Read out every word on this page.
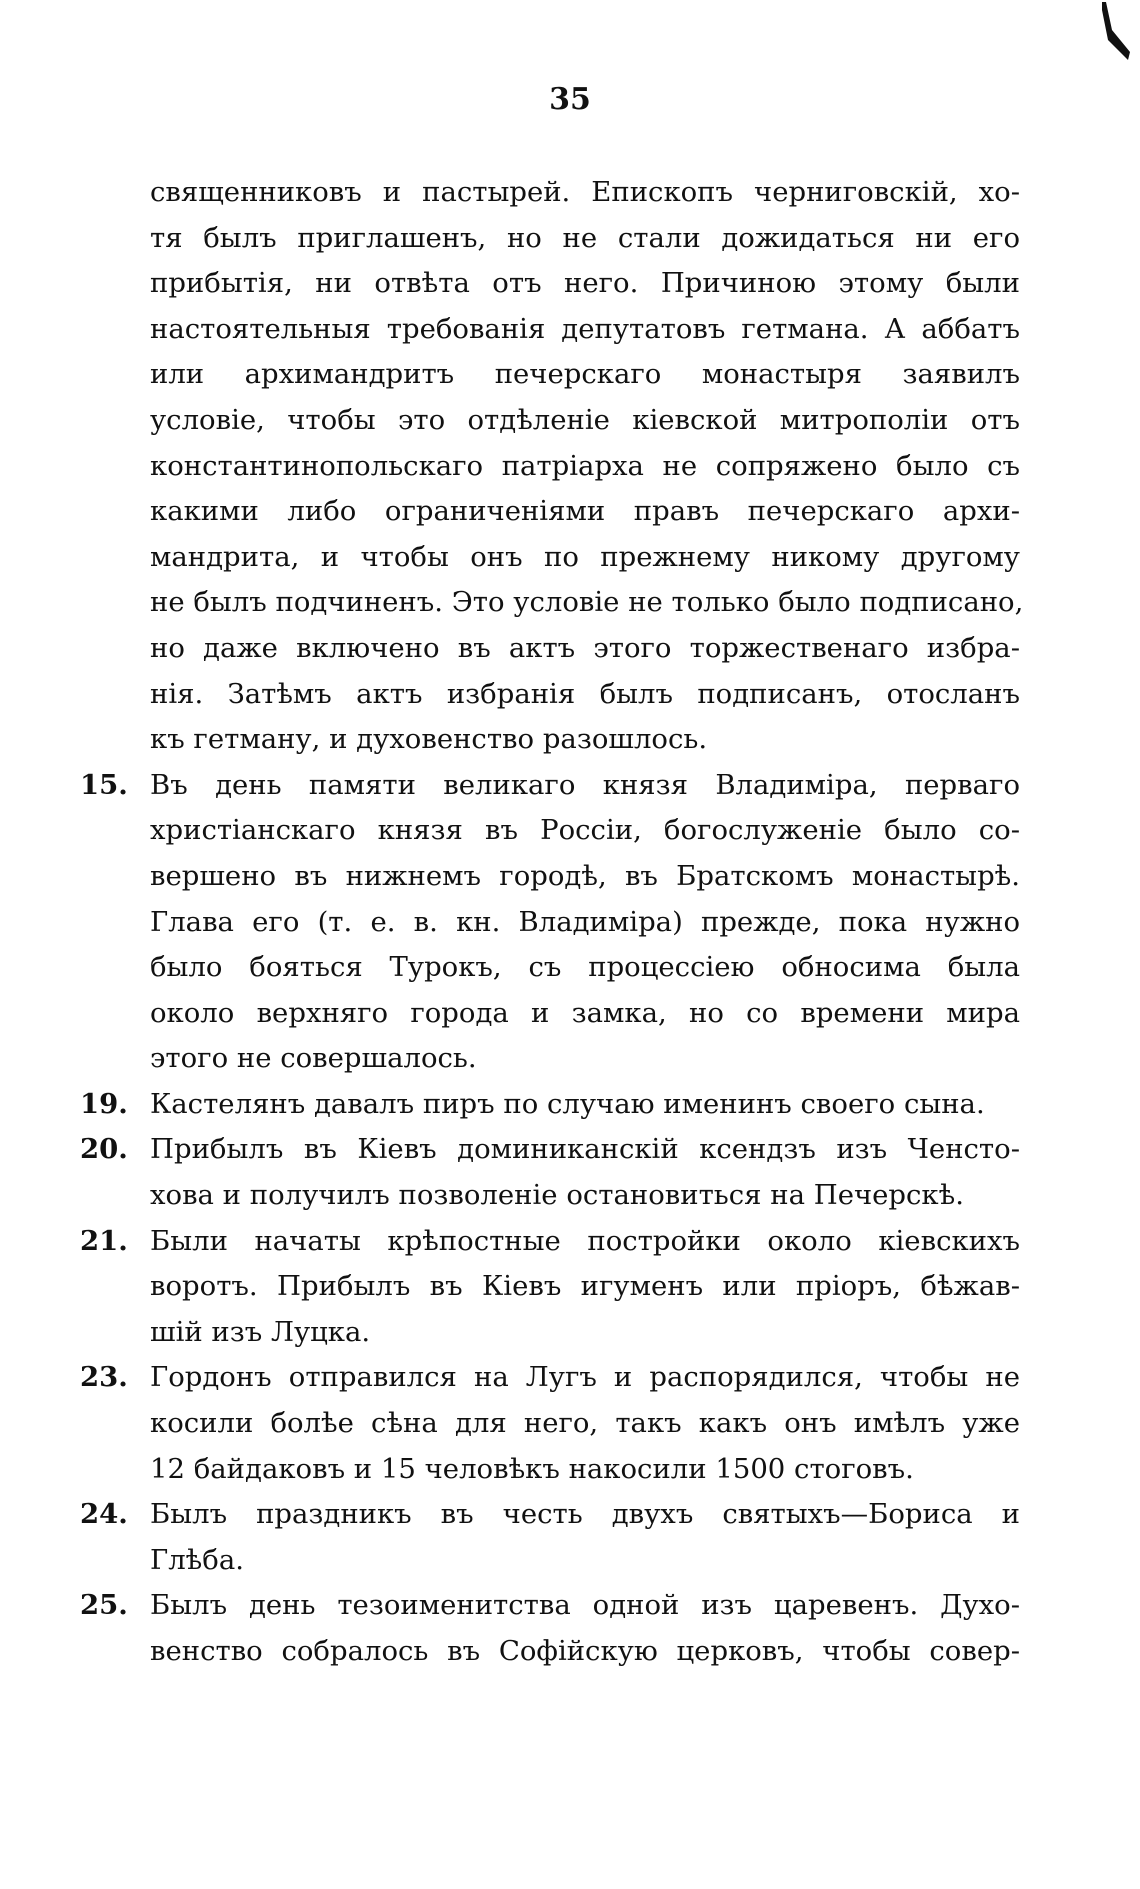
35
священниковъ и пастырей. Епископъ черниговскій, хо-
тя былъ приглашенъ, но не стали дожидаться ни его
прибытія, ни отвѣта отъ него. Причиною этому были
настоятельныя требованія депутатовъ гетмана. А аббатъ
или архимандритъ печерскаго монастыря заявилъ
условіе, чтобы это отдѣленіе кіевской митрополіи отъ
константинопольскаго патріарха не сопряжено было съ
какими либо ограниченіями правъ печерскаго архи-
мандрита, и чтобы онъ по прежнему никому другому
не былъ подчиненъ. Это условіе не только было подписано,
но даже включено въ актъ этого торжественаго избра-
нія. Затѣмъ актъ избранія былъ подписанъ, отосланъ
къ гетману, и духовенство разошлось.
15. Въ день памяти великаго князя Владиміра, перваго
христіанскаго князя въ Россіи, богослуженіе было со-
вершено въ нижнемъ городѣ, въ Братскомъ монастырѣ.
Глава его (т. е. в. кн. Владиміра) прежде, пока нужно
было бояться Турокъ, съ процессіею обносима была
около верхняго города и замка, но со времени мира
этого не совершалось.
19. Кастелянъ давалъ пиръ по случаю именинъ своего сына.
20. Прибылъ въ Кіевъ доминиканскій ксендзъ изъ Ченсто-
хова и получилъ позволеніе остановиться на Печерскѣ.
21. Были начаты крѣпостные постройки около кіевскихъ
воротъ. Прибылъ въ Кіевъ игуменъ или пріоръ, бѣжав-
шій изъ Луцка.
23. Гордонъ отправился на Лугъ и распорядился, чтобы не
косили болѣе сѣна для него, такъ какъ онъ имѣлъ уже
12 байдаковъ и 15 человѣкъ накосили 1500 стоговъ.
24. Былъ праздникъ въ честь двухъ святыхъ—Бориса и
Глѣба.
25. Былъ день тезоименитства одной изъ царевенъ. Духо-
венство собралось въ Софійскую церковъ, чтобы совер-
